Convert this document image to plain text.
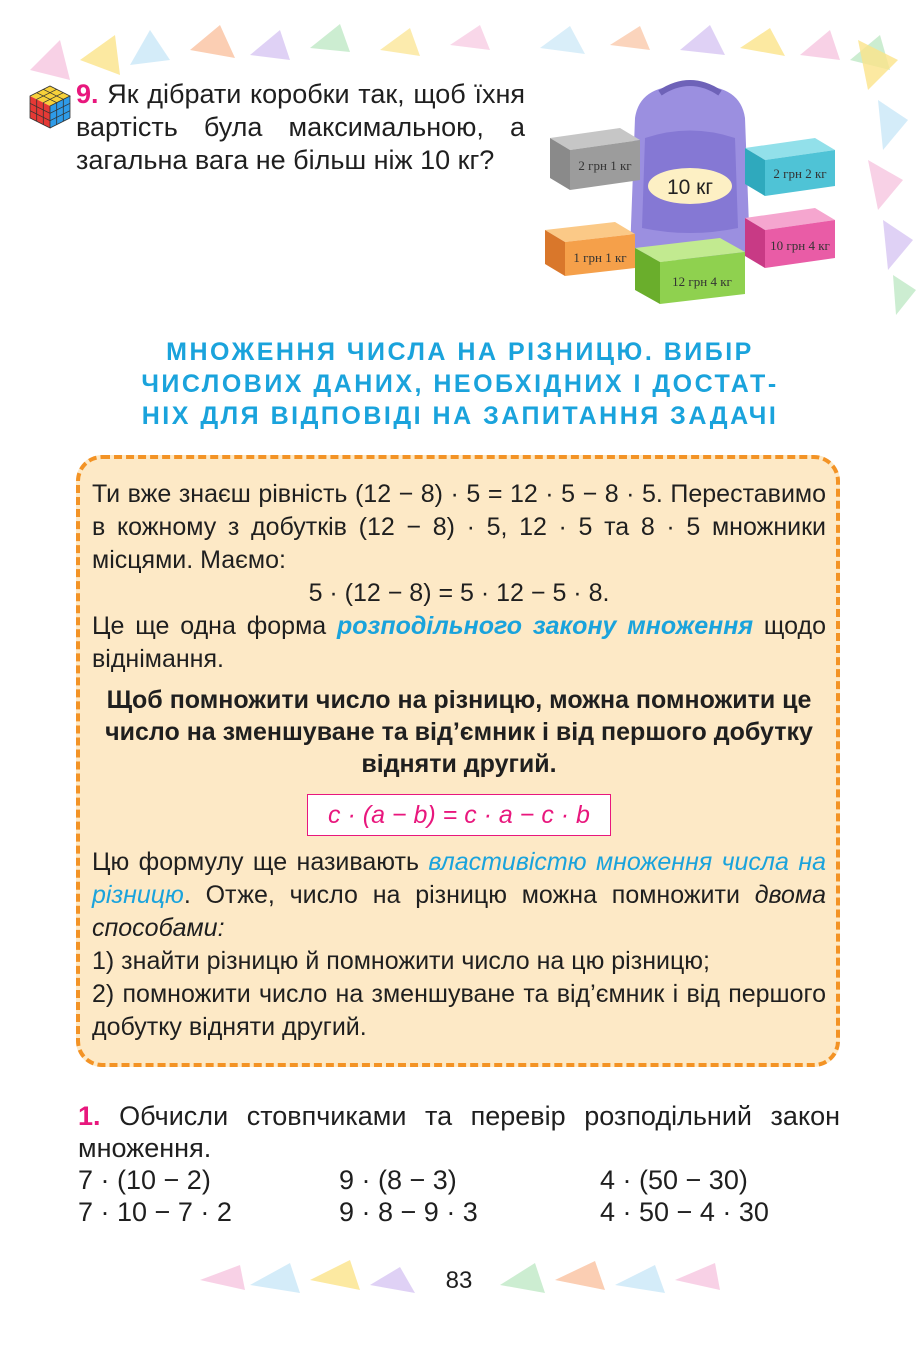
9. Як дібрати коробки так, щоб їхня вартість була максимальною, а загальна вага не більш ніж 10 кг?	2 грн 1 кг
2 грн 2 кг
10 кг
1 грн 1 кг
10 грн 4 кг
12 грн 4 кг
МНОЖЕННЯ ЧИСЛА НА РІЗНИЦЮ. ВИБІР
ЧИСЛОВИХ ДАНИХ, НЕОБХІДНИХ І ДОСТАТ-
НІХ ДЛЯ ВІДПОВІДІ НА ЗАПИТАННЯ ЗАДАЧІ
Ти вже знаєш рівність (12 − 8) · 5 = 12 · 5 − 8 · 5. Переставимо в кожному з добутків (12 − 8) · 5, 12 · 5 та 8 · 5 множники місцями. Маємо:
5 · (12 − 8) = 5 · 12 − 5 · 8.
Це ще одна форма розподільного закону множення щодо віднімання.
Щоб помножити число на різницю, можна помножити це число на зменшуване та від’ємник і від першого добутку відняти другий.
c · (a − b) = c · a − c · b
Цю формулу ще називають властивістю множення числа на різницю. Отже, число на різницю можна помножити двома способами:
1) знайти різницю й помножити число на цю різницю;
2) помножити число на зменшуване та від’ємник і від першого добутку відняти другий.
1. Обчисли стовпчиками та перевір розподільний закон множення.
7 · (10 − 2)	9 · (8 − 3)	4 · (50 − 30)
7 · 10 − 7 · 2	9 · 8 − 9 · 3	4 · 50 − 4 · 30
83
